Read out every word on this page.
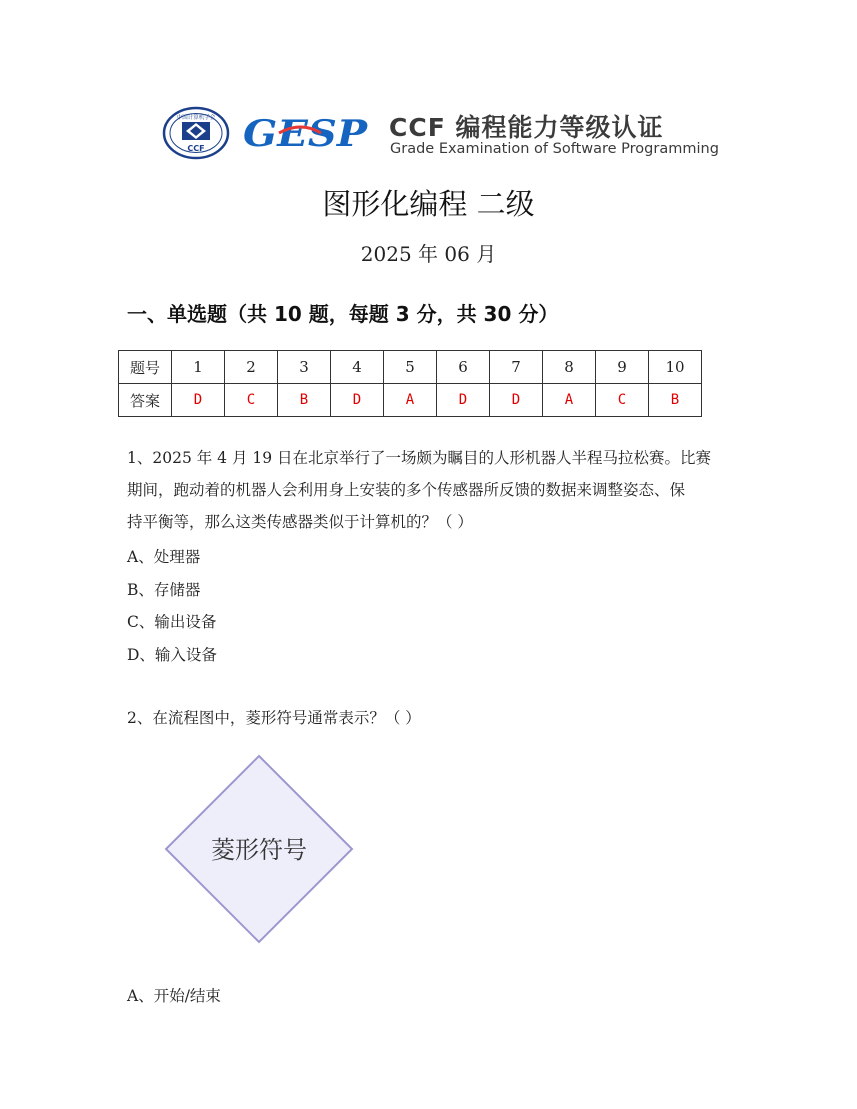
中国计算机学会
CCF GESP CCF 编程能力等级认证
Grade Examination of Software Programming
图形化编程 二级
2025 年 06 月
一、单选题（共 10 题，每题 3 分，共 30 分）
题号	1	2	3	4	5	6	7	8	9	10
答案	D	C	B	D	A	D	D	A	C	B
1、2025 年 4 月 19 日在北京举行了一场颇为瞩目的人形机器人半程马拉松赛。比赛
期间，跑动着的机器人会利用身上安装的多个传感器所反馈的数据来调整姿态、保
持平衡等，那么这类传感器类似于计算机的？（ ）
A、处理器
B、存储器
C、输出设备
D、输入设备
2、在流程图中，菱形符号通常表示？（ ）
菱形符号
A、开始/结束
